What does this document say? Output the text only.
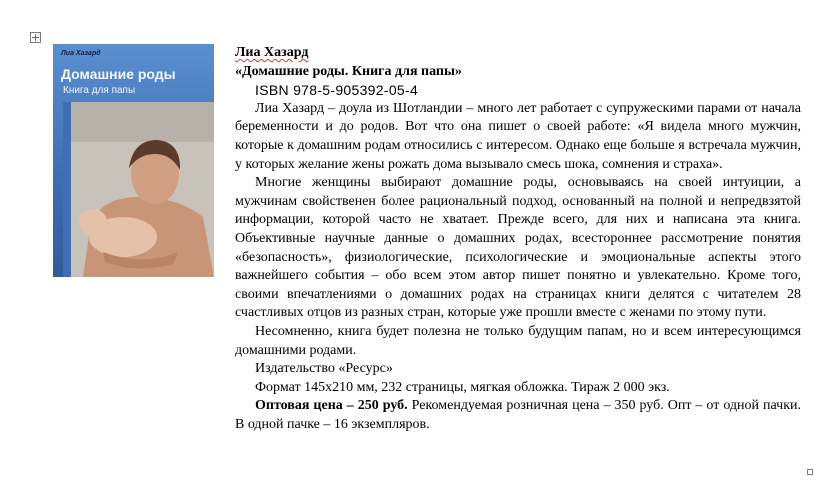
Лиа Хазард
Домашние роды
Книга для папы

Лиа Хазард

«Домашние роды. Книга для папы»

ISBN 978-5-905392-05-4

Лиа Хазард – доула из Шотландии – много лет работает с супружескими парами от начала беременности и до родов. Вот что она пишет о своей работе: «Я видела много мужчин, которые к домашним родам относились с интересом. Однако еще больше я встречала мужчин, у которых желание жены рожать дома вызывало смесь шока, сомнения и страха».

Многие женщины выбирают домашние роды, основываясь на своей интуиции, а мужчинам свойственен более рациональный подход, основанный на полной и непредвзятой информации, которой часто не хватает. Прежде всего, для них и написана эта книга. Объективные научные данные о домашних родах, всестороннее рассмотрение понятия «безопасность», физиологические, психологические и эмоциональные аспекты этого важнейшего события – обо всем этом автор пишет понятно и увлекательно. Кроме того, своими впечатлениями о домашних родах на страницах книги делятся с читателем 28 счастливых отцов из разных стран, которые уже прошли вместе с женами по этому пути.

Несомненно, книга будет полезна не только будущим папам, но и всем интересующимся домашними родами.

Издательство «Ресурс»

Формат 145х210 мм, 232 страницы, мягкая обложка. Тираж 2 000 экз.

Оптовая цена – 250 руб. Рекомендуемая розничная цена – 350 руб. Опт – от одной пачки. В одной пачке – 16 экземпляров.
